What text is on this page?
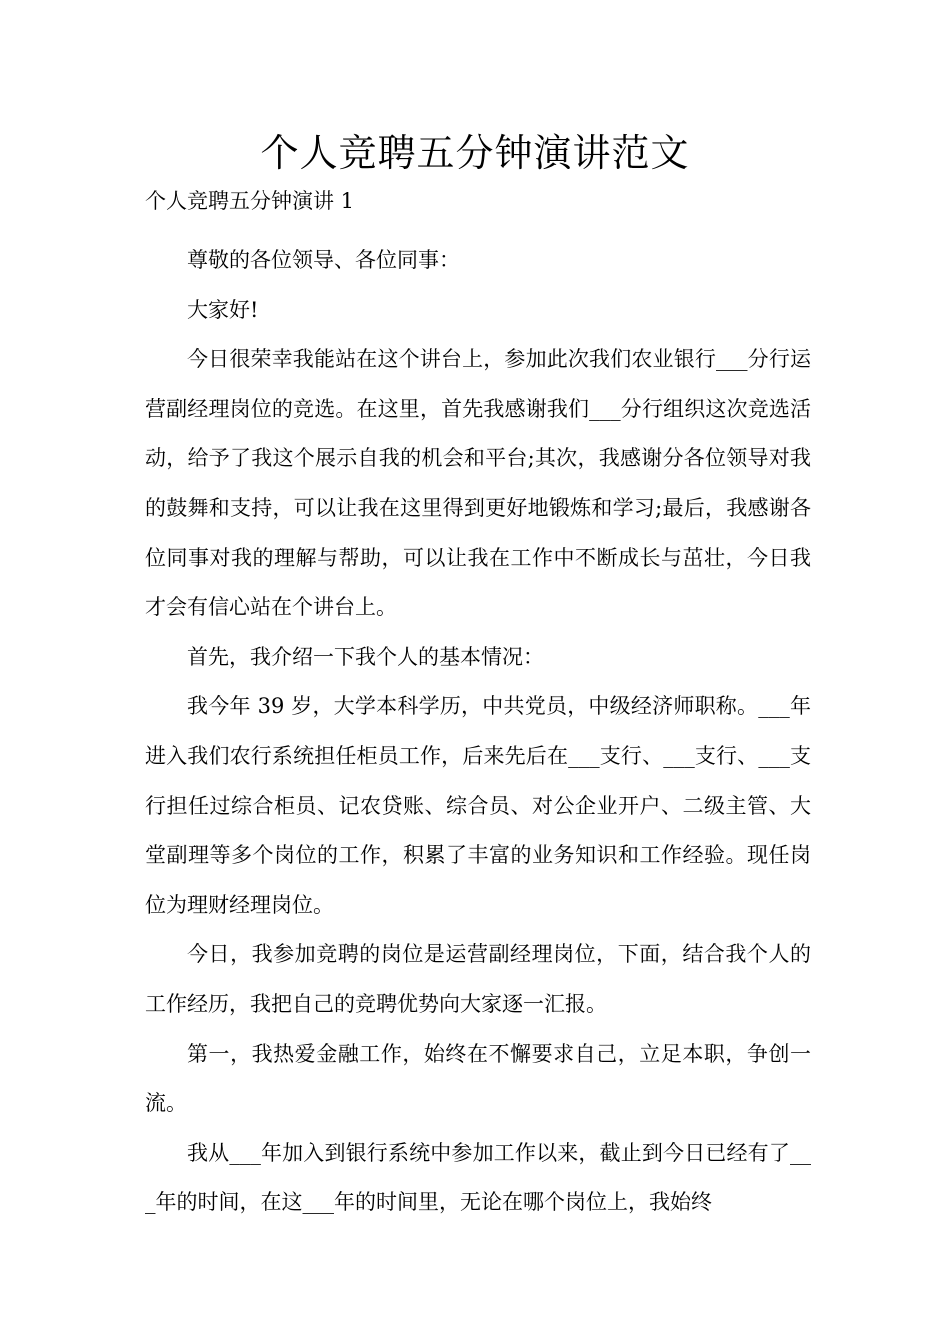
个人竞聘五分钟演讲范文
个人竞聘五分钟演讲 1

尊敬的各位领导、各位同事：

大家好!

今日很荣幸我能站在这个讲台上，参加此次我们农业银行___分行运营副经理岗位的竞选。在这里，首先我感谢我们___分行组织这次竞选活动，给予了我这个展示自我的机会和平台;其次，我感谢分各位领导对我的鼓舞和支持，可以让我在这里得到更好地锻炼和学习;最后，我感谢各位同事对我的理解与帮助，可以让我在工作中不断成长与茁壮，今日我才会有信心站在个讲台上。

首先，我介绍一下我个人的基本情况：

我今年 39 岁，大学本科学历，中共党员，中级经济师职称。___年进入我们农行系统担任柜员工作，后来先后在___支行、___支行、___支行担任过综合柜员、记农贷账、综合员、对公企业开户、二级主管、大堂副理等多个岗位的工作，积累了丰富的业务知识和工作经验。现任岗位为理财经理岗位。

今日，我参加竞聘的岗位是运营副经理岗位，下面，结合我个人的工作经历，我把自己的竞聘优势向大家逐一汇报。

第一，我热爱金融工作，始终在不懈要求自己，立足本职，争创一流。

我从___年加入到银行系统中参加工作以来，截止到今日已经有了___年的时间，在这___年的时间里，无论在哪个岗位上，我始终
